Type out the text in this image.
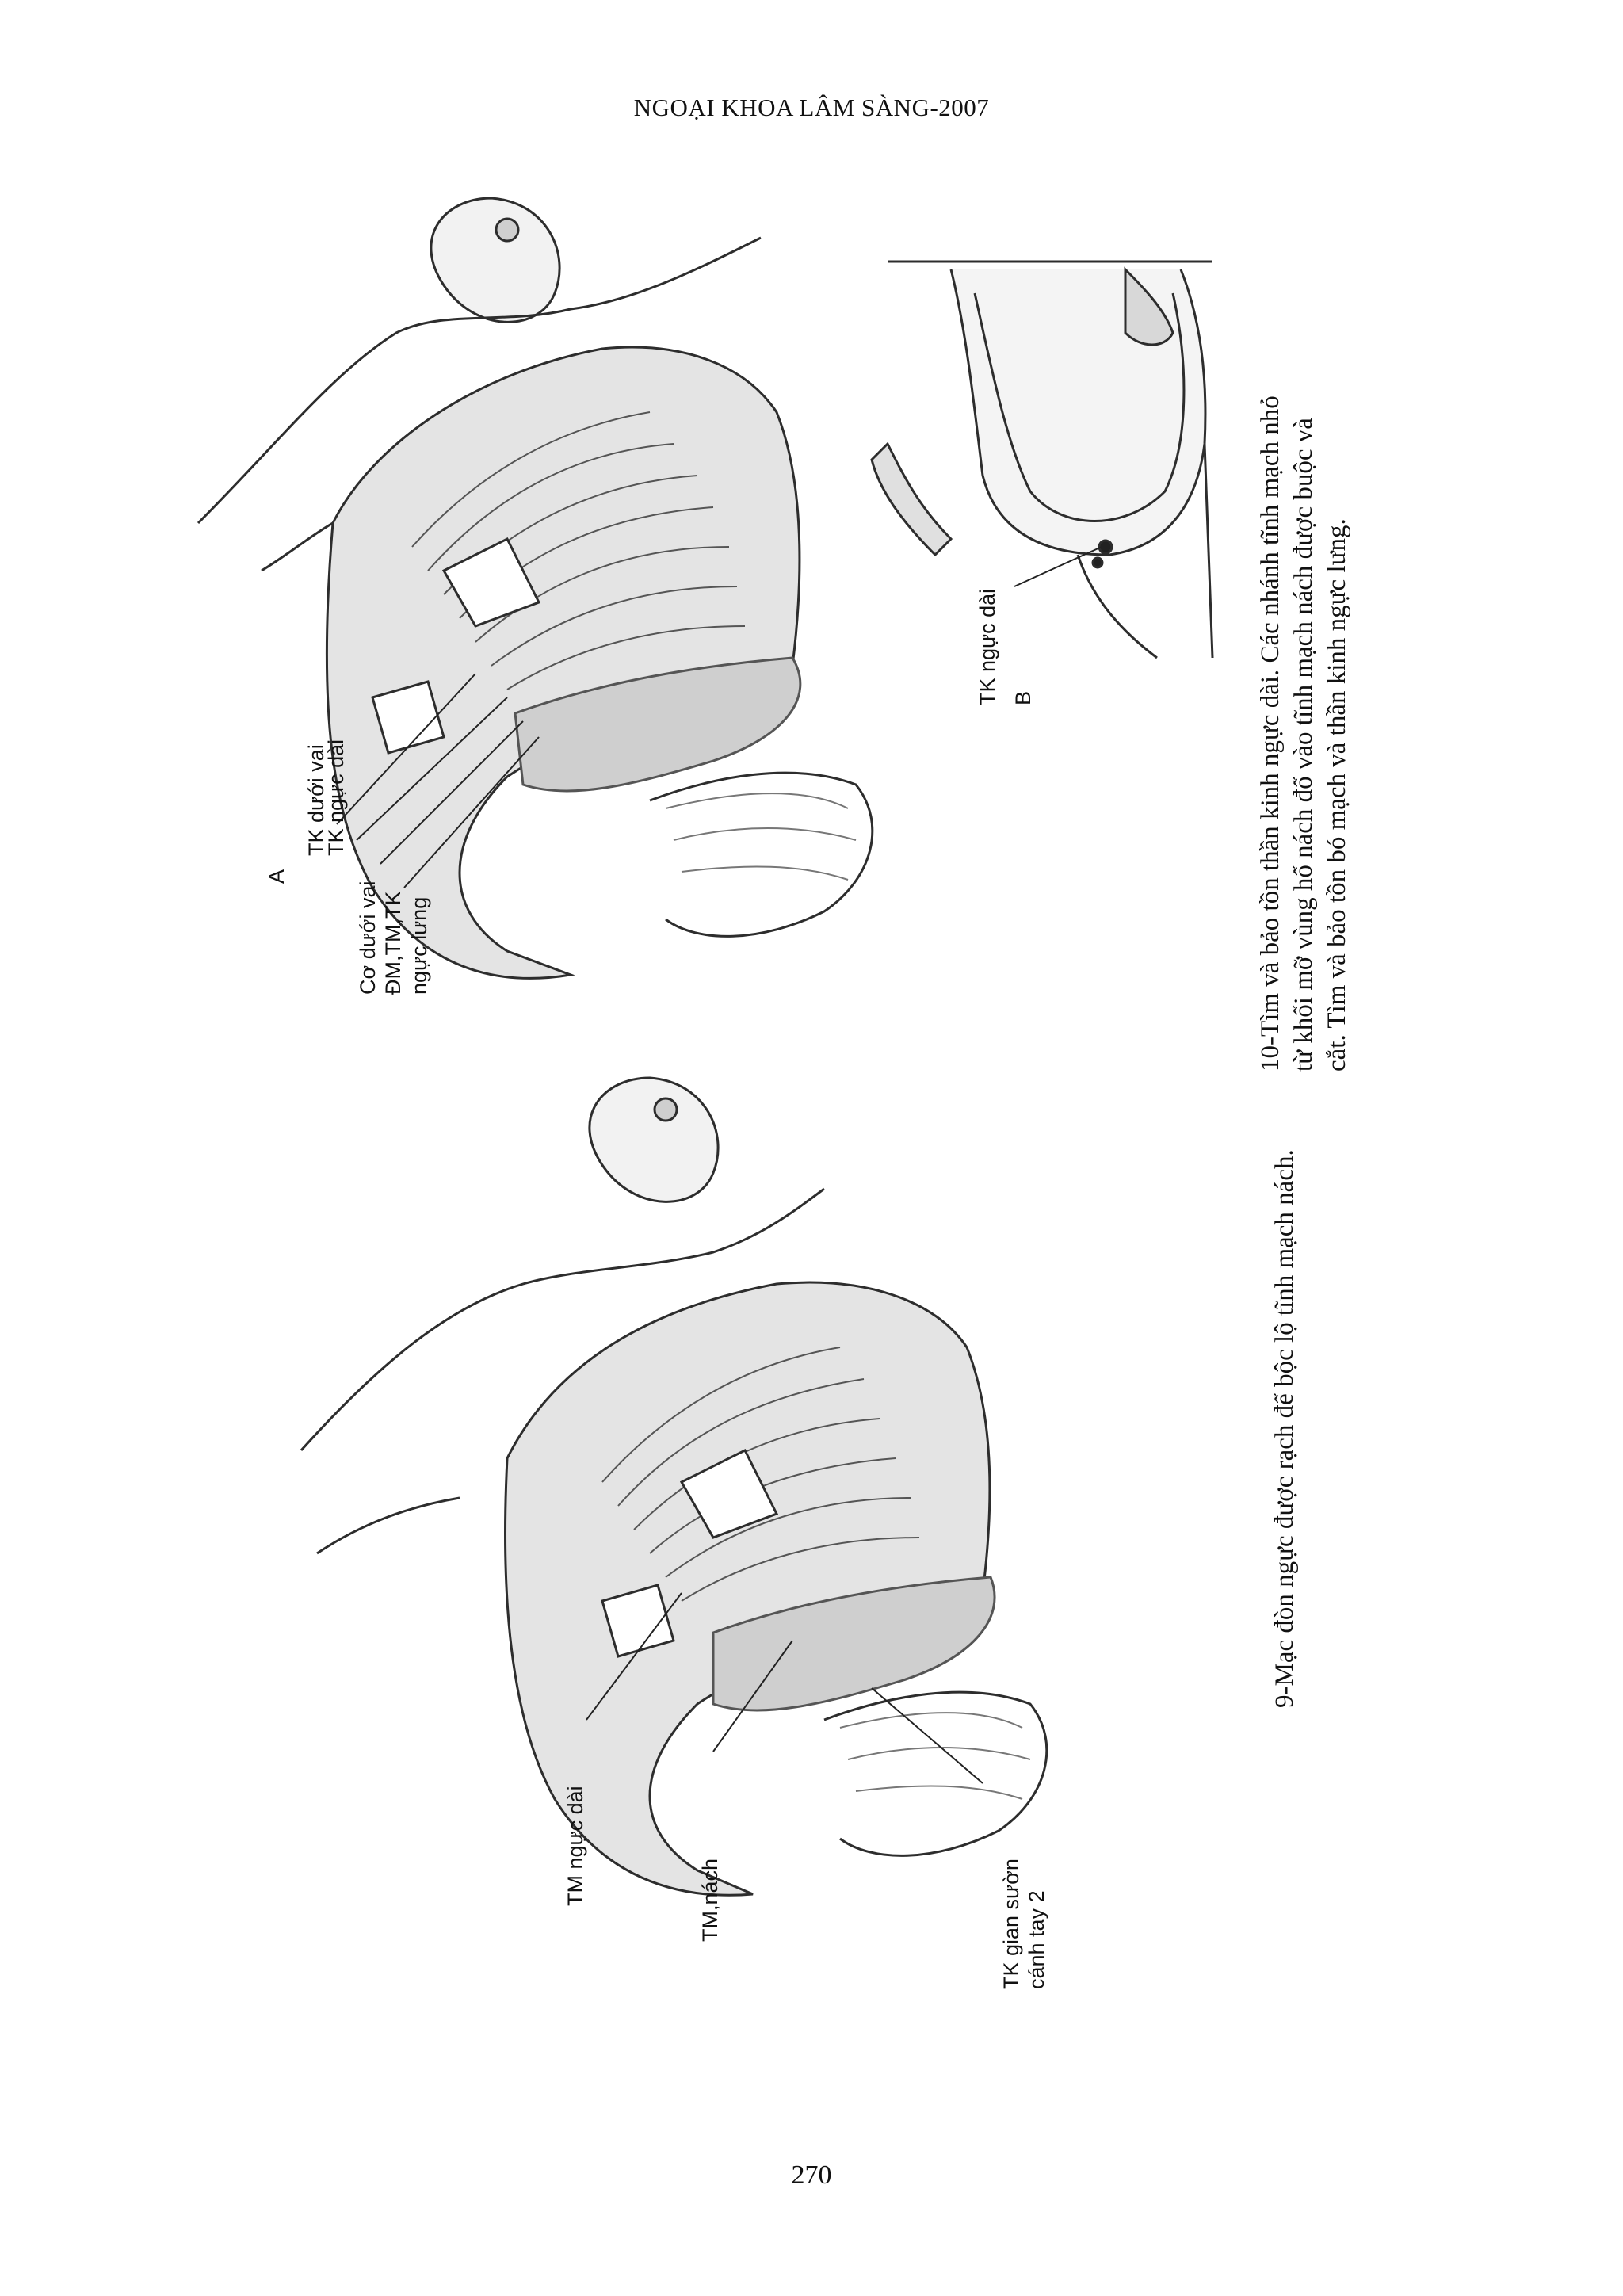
NGOẠI KHOA LÂM SÀNG-2007
TK dưới vai
TK ngực dài
Cơ dưới vai ĐM,TM,TK ngực lưng
A
TK ngực dài B	10-Tìm và bảo tồn thần kinh ngực dài. Các nhánh tĩnh mạch nhỏ từ khối mỡ vùng hố nách đổ vào tĩnh mạch nách được buộc và cắt. Tìm và bảo tồn bó mạch và thần kinh ngực lưng.
TM ngực dài	TM,nách	TK gian sườn cánh tay 2
9-Mạc đòn ngực được rạch để bộc lộ tĩnh mạch nách.
270
